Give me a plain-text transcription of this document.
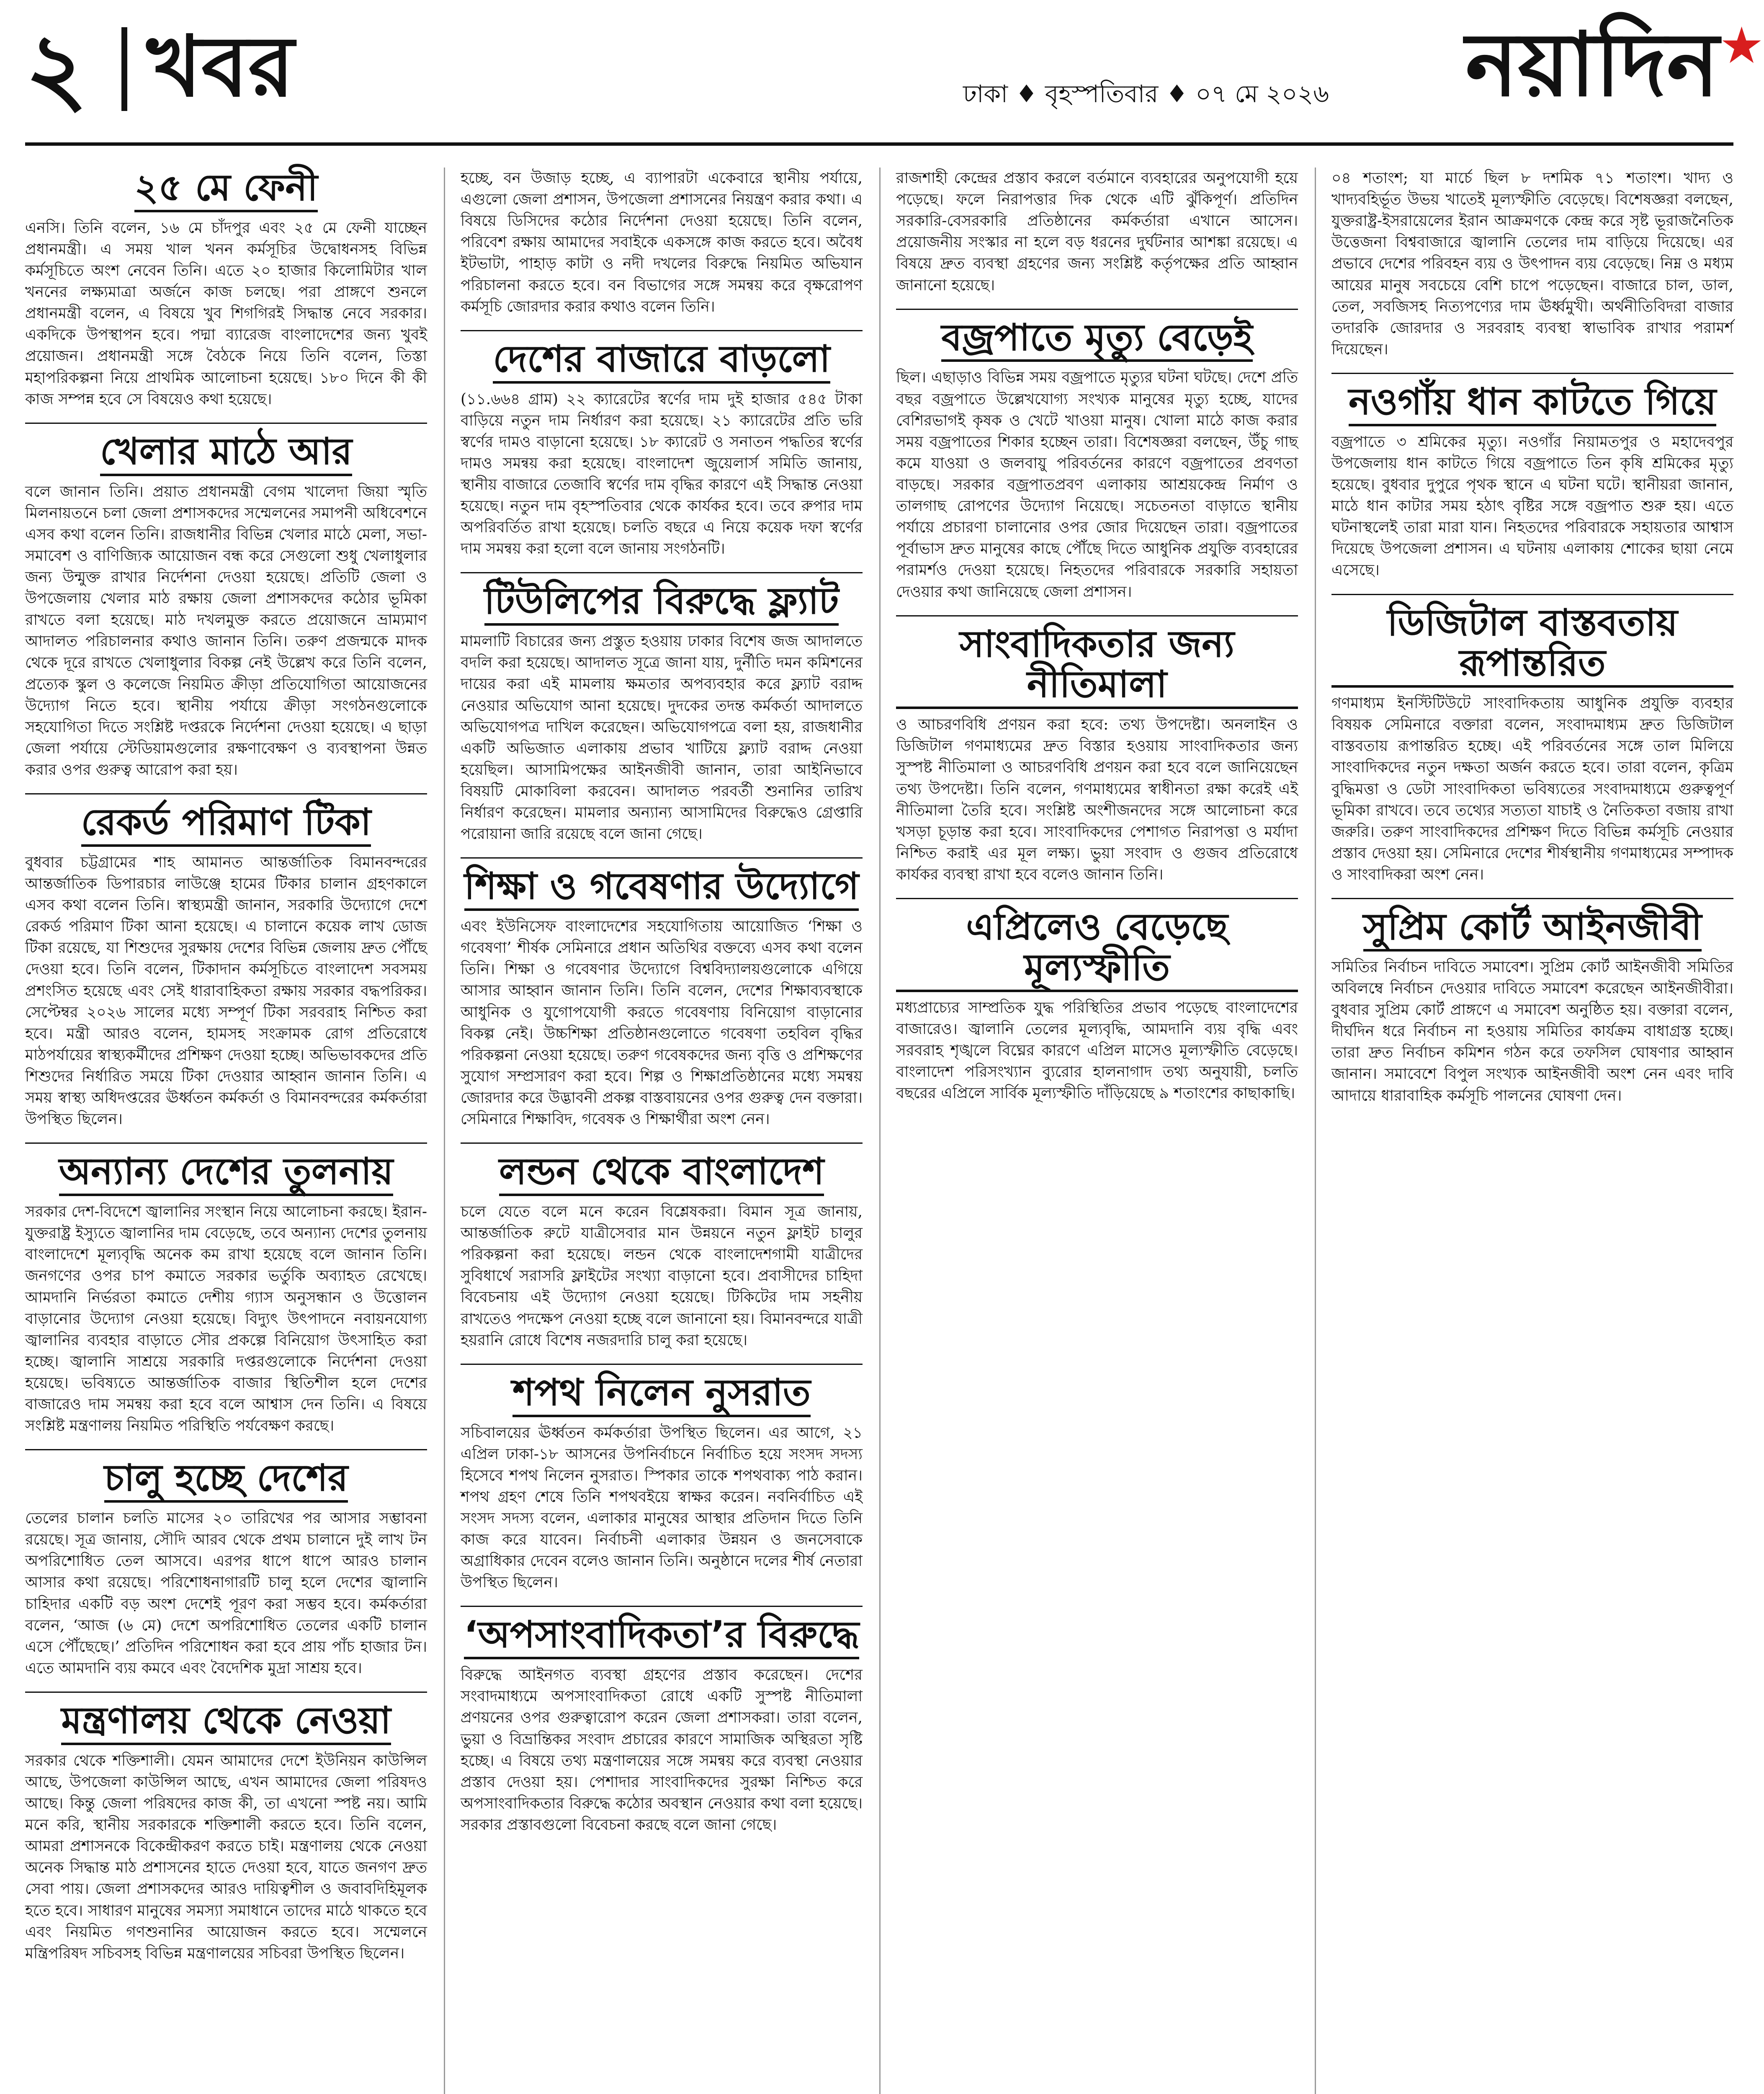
২ খবর	ঢাকা ♦ বৃহস্পতিবার ♦ ০৭ মে ২০২৬ নয়াদিন★
২৫ মে ফেনী

এনসি। তিনি বলেন, ১৬ মে চাঁদপুর এবং ২৫ মে ফেনী যাচ্ছেন প্রধানমন্ত্রী। এ সময় খাল খনন কর্মসূচির উদ্বোধনসহ বিভিন্ন কর্মসূচিতে অংশ নেবেন তিনি। এতে ২০ হাজার কিলোমিটার খাল খননের লক্ষ্যমাত্রা অর্জনে কাজ চলছে। পরা প্রাঙ্গণে শুনলে প্রধানমন্ত্রী বলেন, এ বিষয়ে খুব শিগগিরই সিদ্ধান্ত নেবে সরকার। একদিকে উপস্থাপন হবে। পদ্মা ব্যারেজ বাংলাদেশের জন্য খুবই প্রয়োজন। প্রধানমন্ত্রী সঙ্গে বৈঠকে নিয়ে তিনি বলেন, তিস্তা মহাপরিকল্পনা নিয়ে প্রাথমিক আলোচনা হয়েছে। ১৮০ দিনে কী কী কাজ সম্পন্ন হবে সে বিষয়েও কথা হয়েছে।

খেলার মাঠে আর

বলে জানান তিনি। প্রয়াত প্রধানমন্ত্রী বেগম খালেদা জিয়া স্মৃতি মিলনায়তনে চলা জেলা প্রশাসকদের সম্মেলনের সমাপনী অধিবেশনে এসব কথা বলেন তিনি। রাজধানীর বিভিন্ন খেলার মাঠে মেলা, সভা-সমাবেশ ও বাণিজ্যিক আয়োজন বন্ধ করে সেগুলো শুধু খেলাধুলার জন্য উন্মুক্ত রাখার নির্দেশনা দেওয়া হয়েছে। প্রতিটি জেলা ও উপজেলায় খেলার মাঠ রক্ষায় জেলা প্রশাসকদের কঠোর ভূমিকা রাখতে বলা হয়েছে। মাঠ দখলমুক্ত করতে প্রয়োজনে ভ্রাম্যমাণ আদালত পরিচালনার কথাও জানান তিনি। তরুণ প্রজন্মকে মাদক থেকে দূরে রাখতে খেলাধুলার বিকল্প নেই উল্লেখ করে তিনি বলেন, প্রত্যেক স্কুল ও কলেজে নিয়মিত ক্রীড়া প্রতিযোগিতা আয়োজনের উদ্যোগ নিতে হবে। স্থানীয় পর্যায়ে ক্রীড়া সংগঠনগুলোকে সহযোগিতা দিতে সংশ্লিষ্ট দপ্তরকে নির্দেশনা দেওয়া হয়েছে। এ ছাড়া জেলা পর্যায়ে স্টেডিয়ামগুলোর রক্ষণাবেক্ষণ ও ব্যবস্থাপনা উন্নত করার ওপর গুরুত্ব আরোপ করা হয়।

রেকর্ড পরিমাণ টিকা

বুধবার চট্টগ্রামের শাহ আমানত আন্তর্জাতিক বিমানবন্দরের আন্তর্জাতিক ডিপারচার লাউঞ্জে হামের টিকার চালান গ্রহণকালে এসব কথা বলেন তিনি। স্বাস্থ্যমন্ত্রী জানান, সরকারি উদ্যোগে দেশে রেকর্ড পরিমাণ টিকা আনা হয়েছে। এ চালানে কয়েক লাখ ডোজ টিকা রয়েছে, যা শিশুদের সুরক্ষায় দেশের বিভিন্ন জেলায় দ্রুত পৌঁছে দেওয়া হবে। তিনি বলেন, টিকাদান কর্মসূচিতে বাংলাদেশ সবসময় প্রশংসিত হয়েছে এবং সেই ধারাবাহিকতা রক্ষায় সরকার বদ্ধপরিকর। সেপ্টেম্বর ২০২৬ সালের মধ্যে সম্পূর্ণ টিকা সরবরাহ নিশ্চিত করা হবে। মন্ত্রী আরও বলেন, হামসহ সংক্রামক রোগ প্রতিরোধে মাঠপর্যায়ের স্বাস্থ্যকর্মীদের প্রশিক্ষণ দেওয়া হচ্ছে। অভিভাবকদের প্রতি শিশুদের নির্ধারিত সময়ে টিকা দেওয়ার আহ্বান জানান তিনি। এ সময় স্বাস্থ্য অধিদপ্তরের ঊর্ধ্বতন কর্মকর্তা ও বিমানবন্দরের কর্মকর্তারা উপস্থিত ছিলেন।

অন্যান্য দেশের তুলনায়

সরকার দেশ-বিদেশে জ্বালানির সংস্থান নিয়ে আলোচনা করছে। ইরান-যুক্তরাষ্ট্র ইস্যুতে জ্বালানির দাম বেড়েছে, তবে অন্যান্য দেশের তুলনায় বাংলাদেশে মূল্যবৃদ্ধি অনেক কম রাখা হয়েছে বলে জানান তিনি। জনগণের ওপর চাপ কমাতে সরকার ভর্তুকি অব্যাহত রেখেছে। আমদানি নির্ভরতা কমাতে দেশীয় গ্যাস অনুসন্ধান ও উত্তোলন বাড়ানোর উদ্যোগ নেওয়া হয়েছে। বিদ্যুৎ উৎপাদনে নবায়নযোগ্য জ্বালানির ব্যবহার বাড়াতে সৌর প্রকল্পে বিনিয়োগ উৎসাহিত করা হচ্ছে। জ্বালানি সাশ্রয়ে সরকারি দপ্তরগুলোকে নির্দেশনা দেওয়া হয়েছে। ভবিষ্যতে আন্তর্জাতিক বাজার স্থিতিশীল হলে দেশের বাজারেও দাম সমন্বয় করা হবে বলে আশ্বাস দেন তিনি। এ বিষয়ে সংশ্লিষ্ট মন্ত্রণালয় নিয়মিত পরিস্থিতি পর্যবেক্ষণ করছে।

চালু হচ্ছে দেশের

তেলের চালান চলতি মাসের ২০ তারিখের পর আসার সম্ভাবনা রয়েছে। সূত্র জানায়, সৌদি আরব থেকে প্রথম চালানে দুই লাখ টন অপরিশোধিত তেল আসবে। এরপর ধাপে ধাপে আরও চালান আসার কথা রয়েছে। পরিশোধনাগারটি চালু হলে দেশের জ্বালানি চাহিদার একটি বড় অংশ দেশেই পূরণ করা সম্ভব হবে। কর্মকর্তারা বলেন, ‘আজ (৬ মে) দেশে অপরিশোধিত তেলের একটি চালান এসে পৌঁছেছে।’ প্রতিদিন পরিশোধন করা হবে প্রায় পাঁচ হাজার টন। এতে আমদানি ব্যয় কমবে এবং বৈদেশিক মুদ্রা সাশ্রয় হবে।

মন্ত্রণালয় থেকে নেওয়া

সরকার থেকে শক্তিশালী। যেমন আমাদের দেশে ইউনিয়ন কাউন্সিল আছে, উপজেলা কাউন্সিল আছে, এখন আমাদের জেলা পরিষদও আছে। কিন্তু জেলা পরিষদের কাজ কী, তা এখনো স্পষ্ট নয়। আমি মনে করি, স্থানীয় সরকারকে শক্তিশালী করতে হবে। তিনি বলেন, আমরা প্রশাসনকে বিকেন্দ্রীকরণ করতে চাই। মন্ত্রণালয় থেকে নেওয়া অনেক সিদ্ধান্ত মাঠ প্রশাসনের হাতে দেওয়া হবে, যাতে জনগণ দ্রুত সেবা পায়। জেলা প্রশাসকদের আরও দায়িত্বশীল ও জবাবদিহিমূলক হতে হবে। সাধারণ মানুষের সমস্যা সমাধানে তাদের মাঠে থাকতে হবে এবং নিয়মিত গণশুনানির আয়োজন করতে হবে। সম্মেলনে মন্ত্রিপরিষদ সচিবসহ বিভিন্ন মন্ত্রণালয়ের সচিবরা উপস্থিত ছিলেন।

হচ্ছে, বন উজাড় হচ্ছে, এ ব্যাপারটা একেবারে স্থানীয় পর্যায়ে, এগুলো জেলা প্রশাসন, উপজেলা প্রশাসনের নিয়ন্ত্রণ করার কথা। এ বিষয়ে ডিসিদের কঠোর নির্দেশনা দেওয়া হয়েছে। তিনি বলেন, পরিবেশ রক্ষায় আমাদের সবাইকে একসঙ্গে কাজ করতে হবে। অবৈধ ইটভাটা, পাহাড় কাটা ও নদী দখলের বিরুদ্ধে নিয়মিত অভিযান পরিচালনা করতে হবে। বন বিভাগের সঙ্গে সমন্বয় করে বৃক্ষরোপণ কর্মসূচি জোরদার করার কথাও বলেন তিনি।

দেশের বাজারে বাড়লো

(১১.৬৬৪ গ্রাম) ২২ ক্যারেটের স্বর্ণের দাম দুই হাজার ৫৪৫ টাকা বাড়িয়ে নতুন দাম নির্ধারণ করা হয়েছে। ২১ ক্যারেটের প্রতি ভরি স্বর্ণের দামও বাড়ানো হয়েছে। ১৮ ক্যারেট ও সনাতন পদ্ধতির স্বর্ণের দামও সমন্বয় করা হয়েছে। বাংলাদেশ জুয়েলার্স সমিতি জানায়, স্থানীয় বাজারে তেজাবি স্বর্ণের দাম বৃদ্ধির কারণে এই সিদ্ধান্ত নেওয়া হয়েছে। নতুন দাম বৃহস্পতিবার থেকে কার্যকর হবে। তবে রুপার দাম অপরিবর্তিত রাখা হয়েছে। চলতি বছরে এ নিয়ে কয়েক দফা স্বর্ণের দাম সমন্বয় করা হলো বলে জানায় সংগঠনটি।

টিউলিপের বিরুদ্ধে ফ্ল্যাট

মামলাটি বিচারের জন্য প্রস্তুত হওয়ায় ঢাকার বিশেষ জজ আদালতে বদলি করা হয়েছে। আদালত সূত্রে জানা যায়, দুর্নীতি দমন কমিশনের দায়ের করা এই মামলায় ক্ষমতার অপব্যবহার করে ফ্ল্যাট বরাদ্দ নেওয়ার অভিযোগ আনা হয়েছে। দুদকের তদন্ত কর্মকর্তা আদালতে অভিযোগপত্র দাখিল করেছেন। অভিযোগপত্রে বলা হয়, রাজধানীর একটি অভিজাত এলাকায় প্রভাব খাটিয়ে ফ্ল্যাট বরাদ্দ নেওয়া হয়েছিল। আসামিপক্ষের আইনজীবী জানান, তারা আইনিভাবে বিষয়টি মোকাবিলা করবেন। আদালত পরবর্তী শুনানির তারিখ নির্ধারণ করেছেন। মামলার অন্যান্য আসামিদের বিরুদ্ধেও গ্রেপ্তারি পরোয়ানা জারি রয়েছে বলে জানা গেছে।

শিক্ষা ও গবেষণার উদ্যোগে

এবং ইউনিসেফ বাংলাদেশের সহযোগিতায় আয়োজিত ‘শিক্ষা ও গবেষণা’ শীর্ষক সেমিনারে প্রধান অতিথির বক্তব্যে এসব কথা বলেন তিনি। শিক্ষা ও গবেষণার উদ্যোগে বিশ্ববিদ্যালয়গুলোকে এগিয়ে আসার আহ্বান জানান তিনি। তিনি বলেন, দেশের শিক্ষাব্যবস্থাকে আধুনিক ও যুগোপযোগী করতে গবেষণায় বিনিয়োগ বাড়ানোর বিকল্প নেই। উচ্চশিক্ষা প্রতিষ্ঠানগুলোতে গবেষণা তহবিল বৃদ্ধির পরিকল্পনা নেওয়া হয়েছে। তরুণ গবেষকদের জন্য বৃত্তি ও প্রশিক্ষণের সুযোগ সম্প্রসারণ করা হবে। শিল্প ও শিক্ষাপ্রতিষ্ঠানের মধ্যে সমন্বয় জোরদার করে উদ্ভাবনী প্রকল্প বাস্তবায়নের ওপর গুরুত্ব দেন বক্তারা। সেমিনারে শিক্ষাবিদ, গবেষক ও শিক্ষার্থীরা অংশ নেন।

লন্ডন থেকে বাংলাদেশ

চলে যেতে বলে মনে করেন বিশ্লেষকরা। বিমান সূত্র জানায়, আন্তর্জাতিক রুটে যাত্রীসেবার মান উন্নয়নে নতুন ফ্লাইট চালুর পরিকল্পনা করা হয়েছে। লন্ডন থেকে বাংলাদেশগামী যাত্রীদের সুবিধার্থে সরাসরি ফ্লাইটের সংখ্যা বাড়ানো হবে। প্রবাসীদের চাহিদা বিবেচনায় এই উদ্যোগ নেওয়া হয়েছে। টিকিটের দাম সহনীয় রাখতেও পদক্ষেপ নেওয়া হচ্ছে বলে জানানো হয়। বিমানবন্দরে যাত্রী হয়রানি রোধে বিশেষ নজরদারি চালু করা হয়েছে।

শপথ নিলেন নুসরাত

সচিবালয়ের ঊর্ধ্বতন কর্মকর্তারা উপস্থিত ছিলেন। এর আগে, ২১ এপ্রিল ঢাকা-১৮ আসনের উপনির্বাচনে নির্বাচিত হয়ে সংসদ সদস্য হিসেবে শপথ নিলেন নুসরাত। স্পিকার তাকে শপথবাক্য পাঠ করান। শপথ গ্রহণ শেষে তিনি শপথবইয়ে স্বাক্ষর করেন। নবনির্বাচিত এই সংসদ সদস্য বলেন, এলাকার মানুষের আস্থার প্রতিদান দিতে তিনি কাজ করে যাবেন। নির্বাচনী এলাকার উন্নয়ন ও জনসেবাকে অগ্রাধিকার দেবেন বলেও জানান তিনি। অনুষ্ঠানে দলের শীর্ষ নেতারা উপস্থিত ছিলেন।

‘অপসাংবাদিকতা’র বিরুদ্ধে

বিরুদ্ধে আইনগত ব্যবস্থা গ্রহণের প্রস্তাব করেছেন। দেশের সংবাদমাধ্যমে অপসাংবাদিকতা রোধে একটি সুস্পষ্ট নীতিমালা প্রণয়নের ওপর গুরুত্বারোপ করেন জেলা প্রশাসকরা। তারা বলেন, ভুয়া ও বিভ্রান্তিকর সংবাদ প্রচারের কারণে সামাজিক অস্থিরতা সৃষ্টি হচ্ছে। এ বিষয়ে তথ্য মন্ত্রণালয়ের সঙ্গে সমন্বয় করে ব্যবস্থা নেওয়ার প্রস্তাব দেওয়া হয়। পেশাদার সাংবাদিকদের সুরক্ষা নিশ্চিত করে অপসাংবাদিকতার বিরুদ্ধে কঠোর অবস্থান নেওয়ার কথা বলা হয়েছে। সরকার প্রস্তাবগুলো বিবেচনা করছে বলে জানা গেছে।

রাজশাহী কেন্দ্রের প্রস্তাব করলে বর্তমানে ব্যবহারের অনুপযোগী হয়ে পড়েছে। ফলে নিরাপত্তার দিক থেকে এটি ঝুঁকিপূর্ণ। প্রতিদিন সরকারি-বেসরকারি প্রতিষ্ঠানের কর্মকর্তারা এখানে আসেন। প্রয়োজনীয় সংস্কার না হলে বড় ধরনের দুর্ঘটনার আশঙ্কা রয়েছে। এ বিষয়ে দ্রুত ব্যবস্থা গ্রহণের জন্য সংশ্লিষ্ট কর্তৃপক্ষের প্রতি আহ্বান জানানো হয়েছে।

বজ্রপাতে মৃত্যু বেড়েই

ছিল। এছাড়াও বিভিন্ন সময় বজ্রপাতে মৃত্যুর ঘটনা ঘটছে। দেশে প্রতি বছর বজ্রপাতে উল্লেখযোগ্য সংখ্যক মানুষের মৃত্যু হচ্ছে, যাদের বেশিরভাগই কৃষক ও খেটে খাওয়া মানুষ। খোলা মাঠে কাজ করার সময় বজ্রপাতের শিকার হচ্ছেন তারা। বিশেষজ্ঞরা বলছেন, উঁচু গাছ কমে যাওয়া ও জলবায়ু পরিবর্তনের কারণে বজ্রপাতের প্রবণতা বাড়ছে। সরকার বজ্রপাতপ্রবণ এলাকায় আশ্রয়কেন্দ্র নির্মাণ ও তালগাছ রোপণের উদ্যোগ নিয়েছে। সচেতনতা বাড়াতে স্থানীয় পর্যায়ে প্রচারণা চালানোর ওপর জোর দিয়েছেন তারা। বজ্রপাতের পূর্বাভাস দ্রুত মানুষের কাছে পৌঁছে দিতে আধুনিক প্রযুক্তি ব্যবহারের পরামর্শও দেওয়া হয়েছে। নিহতদের পরিবারকে সরকারি সহায়তা দেওয়ার কথা জানিয়েছে জেলা প্রশাসন।

সাংবাদিকতার জন্য নীতিমালা

ও আচরণবিধি প্রণয়ন করা হবে: তথ্য উপদেষ্টা। অনলাইন ও ডিজিটাল গণমাধ্যমের দ্রুত বিস্তার হওয়ায় সাংবাদিকতার জন্য সুস্পষ্ট নীতিমালা ও আচরণবিধি প্রণয়ন করা হবে বলে জানিয়েছেন তথ্য উপদেষ্টা। তিনি বলেন, গণমাধ্যমের স্বাধীনতা রক্ষা করেই এই নীতিমালা তৈরি হবে। সংশ্লিষ্ট অংশীজনদের সঙ্গে আলোচনা করে খসড়া চূড়ান্ত করা হবে। সাংবাদিকদের পেশাগত নিরাপত্তা ও মর্যাদা নিশ্চিত করাই এর মূল লক্ষ্য। ভুয়া সংবাদ ও গুজব প্রতিরোধে কার্যকর ব্যবস্থা রাখা হবে বলেও জানান তিনি।

এপ্রিলেও বেড়েছে মূল্যস্ফীতি

মধ্যপ্রাচ্যের সাম্প্রতিক যুদ্ধ পরিস্থিতির প্রভাব পড়েছে বাংলাদেশের বাজারেও। জ্বালানি তেলের মূল্যবৃদ্ধি, আমদানি ব্যয় বৃদ্ধি এবং সরবরাহ শৃঙ্খলে বিঘ্নের কারণে এপ্রিল মাসেও মূল্যস্ফীতি বেড়েছে। বাংলাদেশ পরিসংখ্যান ব্যুরোর হালনাগাদ তথ্য অনুযায়ী, চলতি বছরের এপ্রিলে সার্বিক মূল্যস্ফীতি দাঁড়িয়েছে ৯ শতাংশের কাছাকাছি।

০৪ শতাংশ; যা মার্চে ছিল ৮ দশমিক ৭১ শতাংশ। খাদ্য ও খাদ্যবহির্ভূত উভয় খাতেই মূল্যস্ফীতি বেড়েছে। বিশেষজ্ঞরা বলছেন, যুক্তরাষ্ট্র-ইসরায়েলের ইরান আক্রমণকে কেন্দ্র করে সৃষ্ট ভূরাজনৈতিক উত্তেজনা বিশ্ববাজারে জ্বালানি তেলের দাম বাড়িয়ে দিয়েছে। এর প্রভাবে দেশের পরিবহন ব্যয় ও উৎপাদন ব্যয় বেড়েছে। নিম্ন ও মধ্যম আয়ের মানুষ সবচেয়ে বেশি চাপে পড়েছেন। বাজারে চাল, ডাল, তেল, সবজিসহ নিত্যপণ্যের দাম ঊর্ধ্বমুখী। অর্থনীতিবিদরা বাজার তদারকি জোরদার ও সরবরাহ ব্যবস্থা স্বাভাবিক রাখার পরামর্শ দিয়েছেন।

নওগাঁয় ধান কাটতে গিয়ে

বজ্রপাতে ৩ শ্রমিকের মৃত্যু। নওগাঁর নিয়ামতপুর ও মহাদেবপুর উপজেলায় ধান কাটতে গিয়ে বজ্রপাতে তিন কৃষি শ্রমিকের মৃত্যু হয়েছে। বুধবার দুপুরে পৃথক স্থানে এ ঘটনা ঘটে। স্থানীয়রা জানান, মাঠে ধান কাটার সময় হঠাৎ বৃষ্টির সঙ্গে বজ্রপাত শুরু হয়। এতে ঘটনাস্থলেই তারা মারা যান। নিহতদের পরিবারকে সহায়তার আশ্বাস দিয়েছে উপজেলা প্রশাসন। এ ঘটনায় এলাকায় শোকের ছায়া নেমে এসেছে।

ডিজিটাল বাস্তবতায় রূপান্তরিত

গণমাধ্যম ইনস্টিটিউটে সাংবাদিকতায় আধুনিক প্রযুক্তি ব্যবহার বিষয়ক সেমিনারে বক্তারা বলেন, সংবাদমাধ্যম দ্রুত ডিজিটাল বাস্তবতায় রূপান্তরিত হচ্ছে। এই পরিবর্তনের সঙ্গে তাল মিলিয়ে সাংবাদিকদের নতুন দক্ষতা অর্জন করতে হবে। তারা বলেন, কৃত্রিম বুদ্ধিমত্তা ও ডেটা সাংবাদিকতা ভবিষ্যতের সংবাদমাধ্যমে গুরুত্বপূর্ণ ভূমিকা রাখবে। তবে তথ্যের সত্যতা যাচাই ও নৈতিকতা বজায় রাখা জরুরি। তরুণ সাংবাদিকদের প্রশিক্ষণ দিতে বিভিন্ন কর্মসূচি নেওয়ার প্রস্তাব দেওয়া হয়। সেমিনারে দেশের শীর্ষস্থানীয় গণমাধ্যমের সম্পাদক ও সাংবাদিকরা অংশ নেন।

সুপ্রিম কোর্ট আইনজীবী

সমিতির নির্বাচন দাবিতে সমাবেশ। সুপ্রিম কোর্ট আইনজীবী সমিতির অবিলম্বে নির্বাচন দেওয়ার দাবিতে সমাবেশ করেছেন আইনজীবীরা। বুধবার সুপ্রিম কোর্ট প্রাঙ্গণে এ সমাবেশ অনুষ্ঠিত হয়। বক্তারা বলেন, দীর্ঘদিন ধরে নির্বাচন না হওয়ায় সমিতির কার্যক্রম বাধাগ্রস্ত হচ্ছে। তারা দ্রুত নির্বাচন কমিশন গঠন করে তফসিল ঘোষণার আহ্বান জানান। সমাবেশে বিপুল সংখ্যক আইনজীবী অংশ নেন এবং দাবি আদায়ে ধারাবাহিক কর্মসূচি পালনের ঘোষণা দেন।
